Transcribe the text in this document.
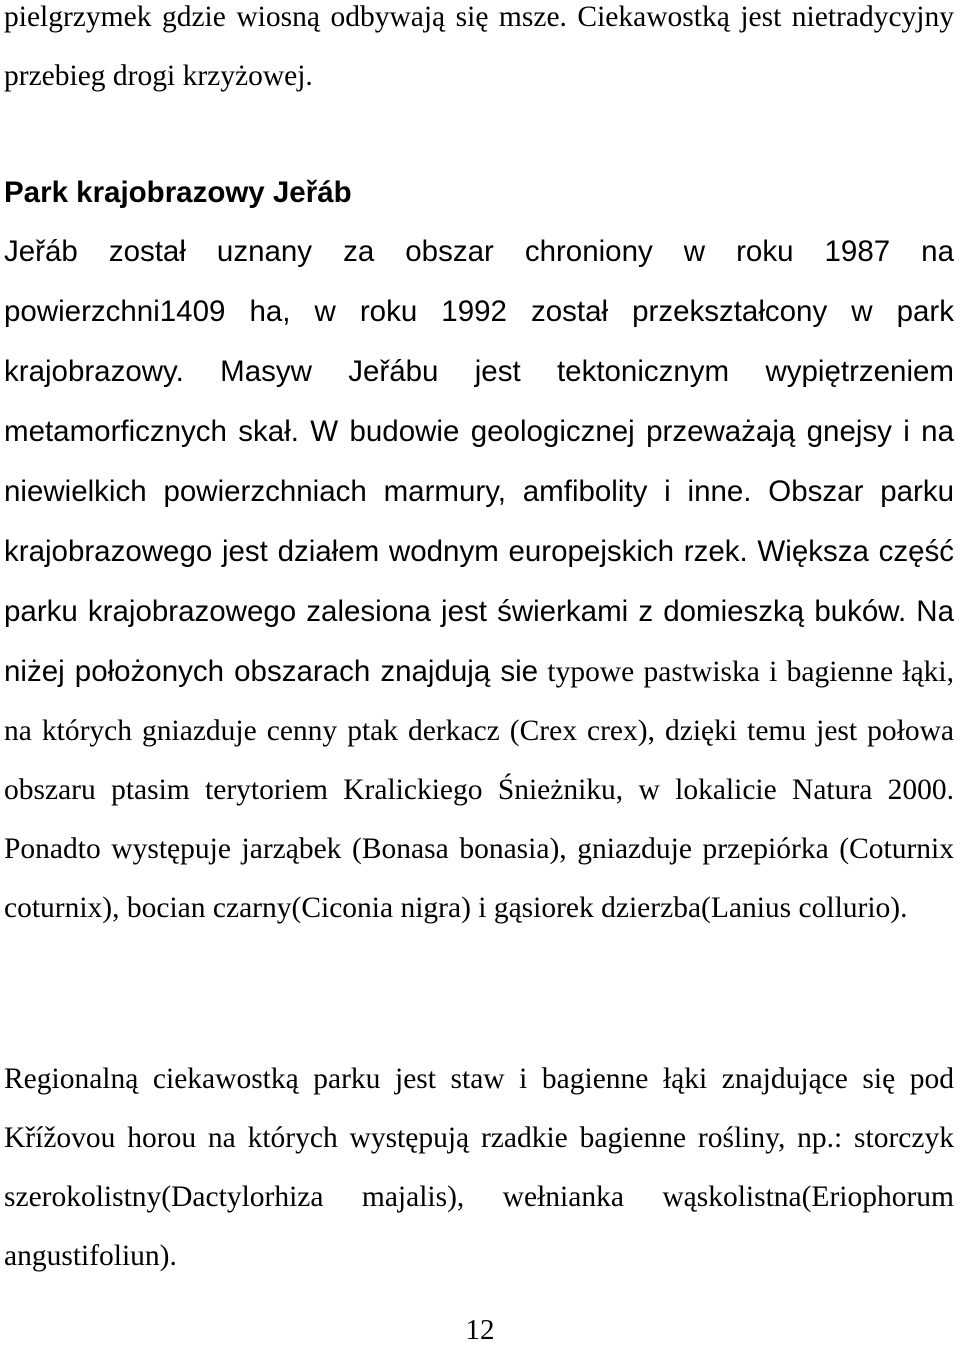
pielgrzymek gdzie wiosną odbywają się msze. Ciekawostką jest nietradycyjny przebieg drogi krzyżowej.

Park krajobrazowy Jeřáb

Jeřáb został uznany za obszar chroniony w roku 1987 na powierzchni1409 ha, w roku 1992 został przekształcony w park krajobrazowy. Masyw Jeřábu jest tektonicznym wypiętrzeniem metamorficznych skał. W budowie geologicznej przeważają gnejsy i na niewielkich powierzchniach marmury, amfibolity i inne. Obszar parku krajobrazowego jest działem wodnym europejskich rzek. Większa część parku krajobrazowego zalesiona jest świerkami z domieszką buków. Na niżej położonych obszarach znajdują sie typowe pastwiska i bagienne łąki, na których gniazduje cenny ptak derkacz (Crex crex), dzięki temu jest połowa obszaru ptasim terytoriem Kralickiego Śnieżniku, w lokalicie Natura 2000. Ponadto występuje jarząbek (Bonasa bonasia), gniazduje przepiórka (Coturnix coturnix), bocian czarny(Ciconia nigra) i gąsiorek dzierzba(Lanius collurio).

Regionalną ciekawostką parku jest staw i bagienne łąki znajdujące się pod Křížovou horou na których występują rzadkie bagienne rośliny, np.: storczyk szerokolistny(Dactylorhiza majalis), wełnianka wąskolistna(Eriophorum angustifoliun).

12
